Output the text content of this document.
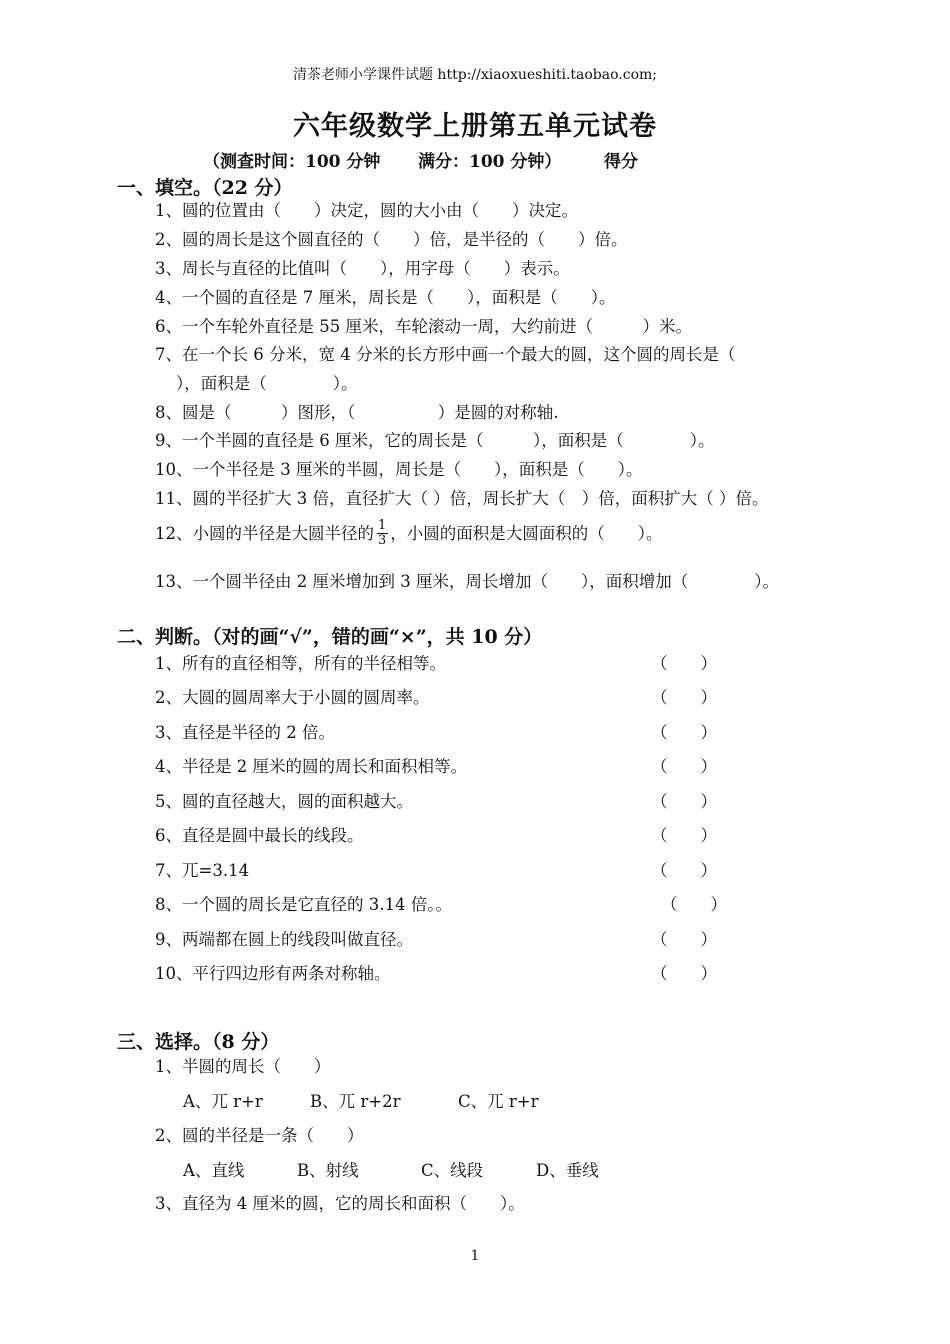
清茶老师小学课件试题 http://xiaoxueshiti.taobao.com;
六年级数学上册第五单元试卷
（测查时间：100 分钟 满分：100 分钟）	得分
一、填空。（22 分）
1、圆的位置由（　　）决定，圆的大小由（　　）决定。
2、圆的周长是这个圆直径的（　　）倍，是半径的（　　）倍。
3、周长与直径的比值叫（　　），用字母（　　）表示。
4、一个圆的直径是 7 厘米，周长是（　　），面积是（　　）。
6、一个车轮外直径是 55 厘米，车轮滚动一周，大约前进（　　　）米。
7、在一个长 6 分米，宽 4 分米的长方形中画一个最大的圆，这个圆的周长是（
），面积是（　　　　）。
8、圆是（　　　）图形，（　　　　　）是圆的对称轴.
9、一个半圆的直径是 6 厘米，它的周长是（　　　），面积是（　　　　）。
10、一个半径是 3 厘米的半圆，周长是（　　），面积是（　　）。
11、圆的半径扩大 3 倍，直径扩大（ ）倍，周长扩大（　）倍，面积扩大（ ）倍。
12、小圆的半径是大圆半径的 $\frac{1}{3}$ ，小圆的面积是大圆面积的（　　）。
13、一个圆半径由 2 厘米增加到 3 厘米，周长增加（　　），面积增加（　　　　）。
二、判断。（对的画“√”，错的画“×”，共 10 分）
1、所有的直径相等，所有的半径相等。	（　　）
2、大圆的圆周率大于小圆的圆周率。	（　　）
3、直径是半径的 2 倍。	（　　）
4、半径是 2 厘米的圆的周长和面积相等。	（　　）
5、圆的直径越大，圆的面积越大。	（　　）
6、直径是圆中最长的线段。	（　　）
7、兀=3.14	（　　）
8、一个圆的周长是它直径的 3.14 倍。。	（　　）
9、两端都在圆上的线段叫做直径。	（　　）
10、平行四边形有两条对称轴。	（　　）
三、选择。（8 分）
1、半圆的周长（　　）
A、兀 r+r	B、兀 r+2r	C、兀 r+r
2、圆的半径是一条（　　）
A、直线	B、射线	C、线段	D、垂线
3、直径为 4 厘米的圆，它的周长和面积（　　）。
1
